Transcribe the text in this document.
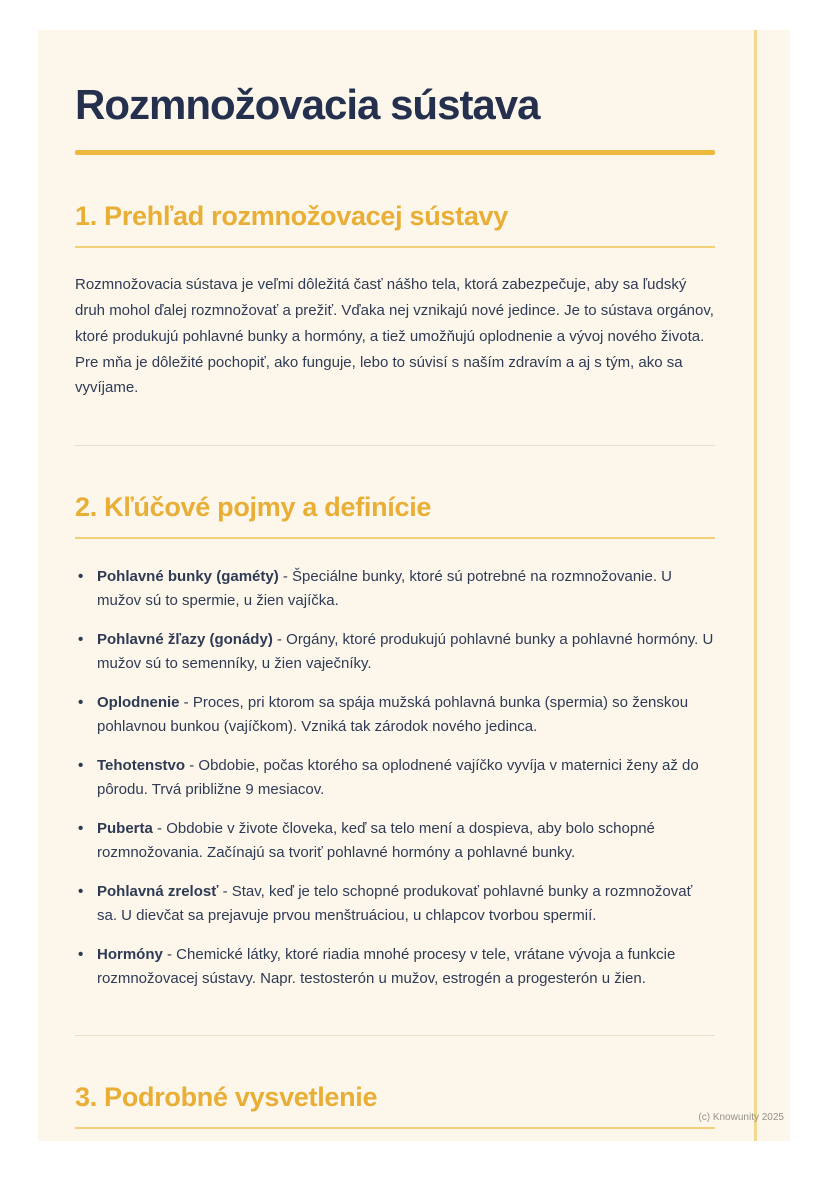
Rozmnožovacia sústava
1. Prehľad rozmnožovacej sústavy

Rozmnožovacia sústava je veľmi dôležitá časť nášho tela, ktorá zabezpečuje, aby sa ľudský druh mohol ďalej rozmnožovať a prežiť. Vďaka nej vznikajú nové jedince. Je to sústava orgánov, ktoré produkujú pohlavné bunky a hormóny, a tiež umožňujú oplodnenie a vývoj nového života. Pre mňa je dôležité pochopiť, ako funguje, lebo to súvisí s naším zdravím a aj s tým, ako sa vyvíjame.

2. Kľúčové pojmy a definície
• Pohlavné bunky (gaméty) - Špeciálne bunky, ktoré sú potrebné na rozmnožovanie. U mužov sú to spermie, u žien vajíčka.
• Pohlavné žľazy (gonády) - Orgány, ktoré produkujú pohlavné bunky a pohlavné hormóny. U mužov sú to semenníky, u žien vaječníky.
• Oplodnenie - Proces, pri ktorom sa spája mužská pohlavná bunka (spermia) so ženskou pohlavnou bunkou (vajíčkom). Vzniká tak zárodok nového jedinca.
• Tehotenstvo - Obdobie, počas ktorého sa oplodnené vajíčko vyvíja v maternici ženy až do pôrodu. Trvá približne 9 mesiacov.
• Puberta - Obdobie v živote človeka, keď sa telo mení a dospieva, aby bolo schopné rozmnožovania. Začínajú sa tvoriť pohlavné hormóny a pohlavné bunky.
• Pohlavná zrelosť - Stav, keď je telo schopné produkovať pohlavné bunky a rozmnožovať sa. U dievčat sa prejavuje prvou menštruáciou, u chlapcov tvorbou spermií.
• Hormóny - Chemické látky, ktoré riadia mnohé procesy v tele, vrátane vývoja a funkcie rozmnožovacej sústavy. Napr. testosterón u mužov, estrogén a progesterón u žien.
3. Podrobné vysvetlenie
(c) Knowunity 2025
